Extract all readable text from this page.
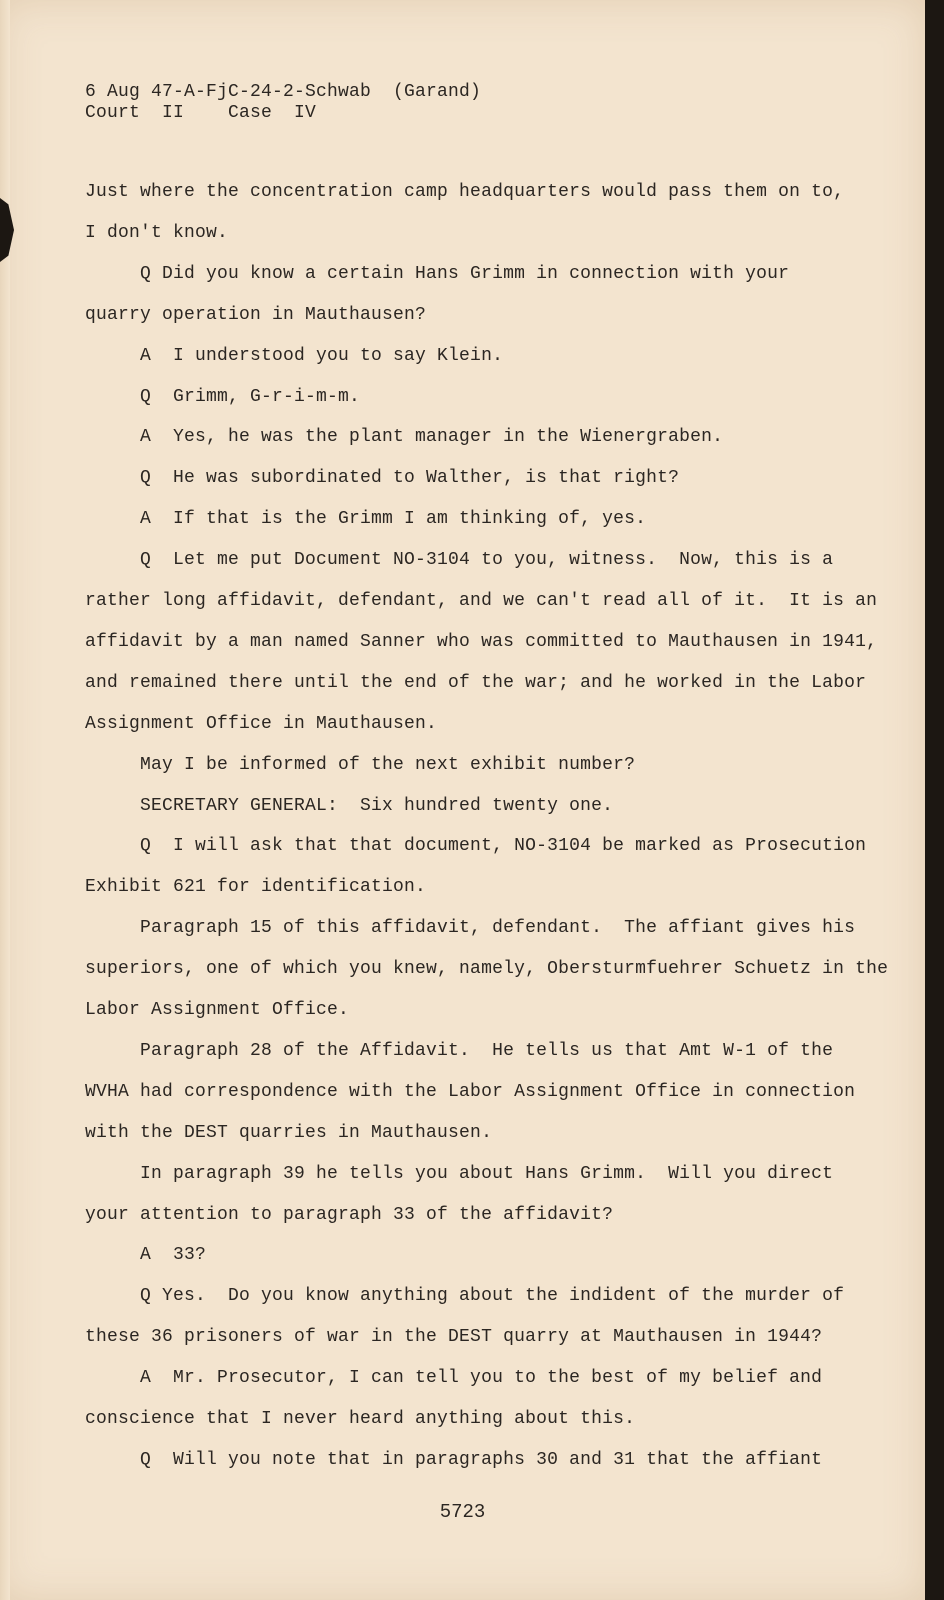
6 Aug 47-A-FjC-24-2-Schwab  (Garand)
Court  II    Case  IV
Just where the concentration camp headquarters would pass them on to,
I don't know.
Q Did you know a certain Hans Grimm in connection with your
quarry operation in Mauthausen?
A  I understood you to say Klein.
Q  Grimm, G-r-i-m-m.
A  Yes, he was the plant manager in the Wienergraben.
Q  He was subordinated to Walther, is that right?
A  If that is the Grimm I am thinking of, yes.
Q  Let me put Document NO-3104 to you, witness.  Now, this is a
rather long affidavit, defendant, and we can't read all of it.  It is an
affidavit by a man named Sanner who was committed to Mauthausen in 1941,
and remained there until the end of the war; and he worked in the Labor
Assignment Office in Mauthausen.
May I be informed of the next exhibit number?
SECRETARY GENERAL:  Six hundred twenty one.
Q  I will ask that that document, NO-3104 be marked as Prosecution
Exhibit 621 for identification.
Paragraph 15 of this affidavit, defendant.  The affiant gives his
superiors, one of which you knew, namely, Obersturmfuehrer Schuetz in the
Labor Assignment Office.
Paragraph 28 of the Affidavit.  He tells us that Amt W-1 of the
WVHA had correspondence with the Labor Assignment Office in connection
with the DEST quarries in Mauthausen.
In paragraph 39 he tells you about Hans Grimm.  Will you direct
your attention to paragraph 33 of the affidavit?
A  33?
Q Yes.  Do you know anything about the indident of the murder of
these 36 prisoners of war in the DEST quarry at Mauthausen in 1944?
A  Mr. Prosecutor, I can tell you to the best of my belief and
conscience that I never heard anything about this.
Q  Will you note that in paragraphs 30 and 31 that the affiant
5723
